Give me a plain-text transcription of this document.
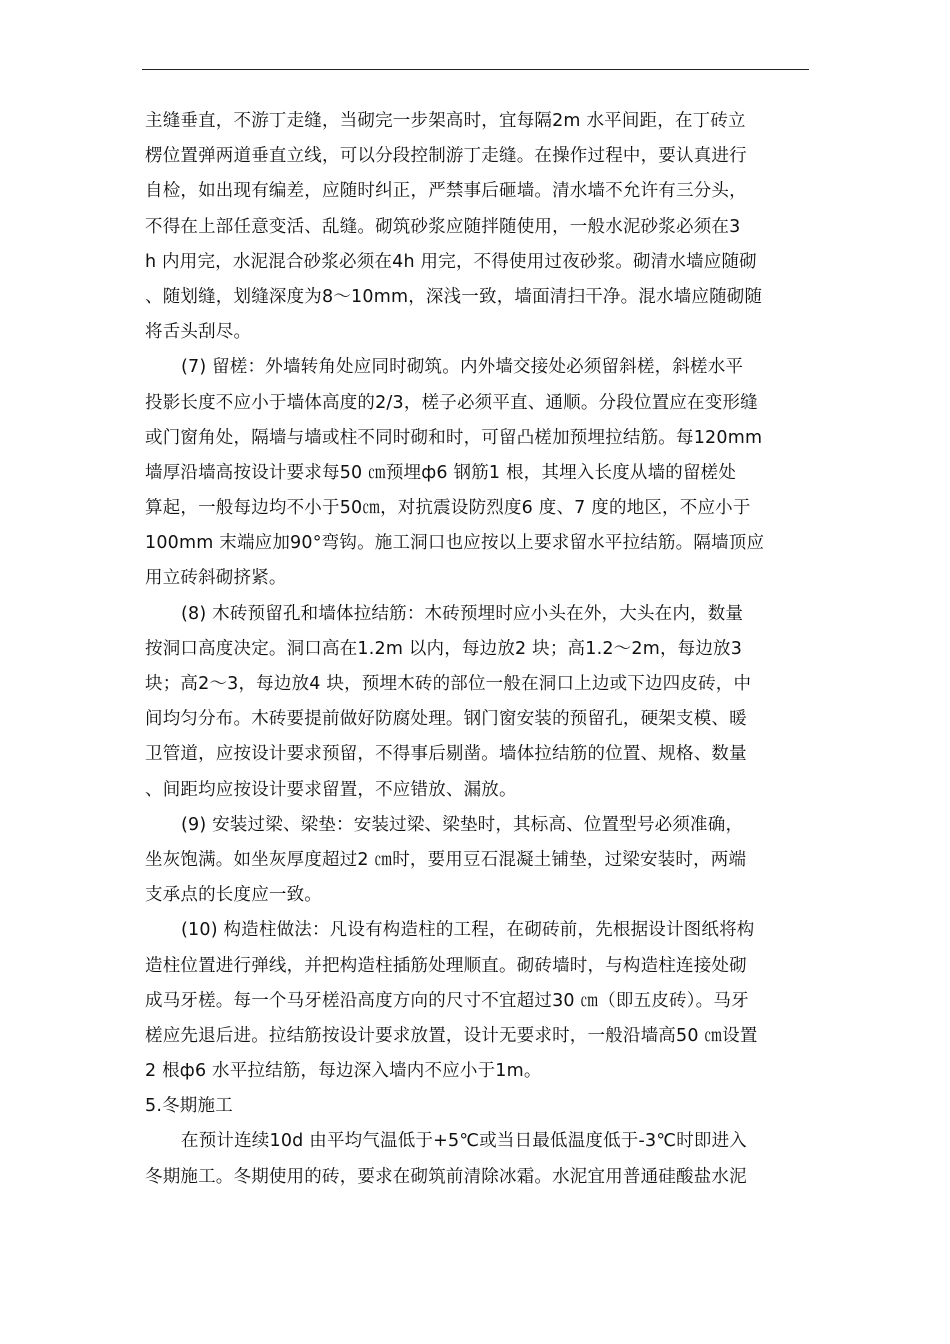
主缝垂直，不游丁走缝，当砌完一步架高时，宜每隔2m 水平间距，在丁砖立
楞位置弹两道垂直立线，可以分段控制游丁走缝。在操作过程中，要认真进行
自检，如出现有编差，应随时纠正，严禁事后砸墙。清水墙不允许有三分头，
不得在上部任意变活、乱缝。砌筑砂浆应随拌随使用，一般水泥砂浆必须在3
h 内用完，水泥混合砂浆必须在4h 用完，不得使用过夜砂浆。砌清水墙应随砌
、随划缝，划缝深度为8～10mm，深浅一致，墙面清扫干净。混水墙应随砌随
将舌头刮尽。
(7) 留槎：外墙转角处应同时砌筑。内外墙交接处必须留斜槎，斜槎水平
投影长度不应小于墙体高度的2/3，槎子必须平直、通顺。分段位置应在变形缝
或门窗角处，隔墙与墙或柱不同时砌和时，可留凸槎加预埋拉结筋。每120mm
墙厚沿墙高按设计要求每50 ㎝预埋ф6 钢筋1 根，其埋入长度从墙的留槎处
算起，一般每边均不小于50㎝，对抗震设防烈度6 度、7 度的地区，不应小于
100mm 末端应加90°弯钩。施工洞口也应按以上要求留水平拉结筋。隔墙顶应
用立砖斜砌挤紧。
(8) 木砖预留孔和墙体拉结筋：木砖预埋时应小头在外，大头在内，数量
按洞口高度决定。洞口高在1.2m 以内，每边放2 块；高1.2～2m，每边放3
块；高2～3，每边放4 块，预埋木砖的部位一般在洞口上边或下边四皮砖，中
间均匀分布。木砖要提前做好防腐处理。钢门窗安装的预留孔，硬架支模、暖
卫管道，应按设计要求预留，不得事后剔凿。墙体拉结筋的位置、规格、数量
、间距均应按设计要求留置，不应错放、漏放。
(9) 安装过梁、梁垫：安装过梁、梁垫时，其标高、位置型号必须准确，
坐灰饱满。如坐灰厚度超过2 ㎝时，要用豆石混凝土铺垫，过梁安装时，两端
支承点的长度应一致。
(10) 构造柱做法：凡设有构造柱的工程，在砌砖前，先根据设计图纸将构
造柱位置进行弹线，并把构造柱插筋处理顺直。砌砖墙时，与构造柱连接处砌
成马牙槎。每一个马牙槎沿高度方向的尺寸不宜超过30 ㎝（即五皮砖）。马牙
槎应先退后进。拉结筋按设计要求放置，设计无要求时，一般沿墙高50 ㎝设置
2 根ф6 水平拉结筋，每边深入墙内不应小于1m。
5.冬期施工
在预计连续10d 由平均气温低于+5℃或当日最低温度低于-3℃时即进入
冬期施工。冬期使用的砖，要求在砌筑前清除冰霜。水泥宜用普通硅酸盐水泥
